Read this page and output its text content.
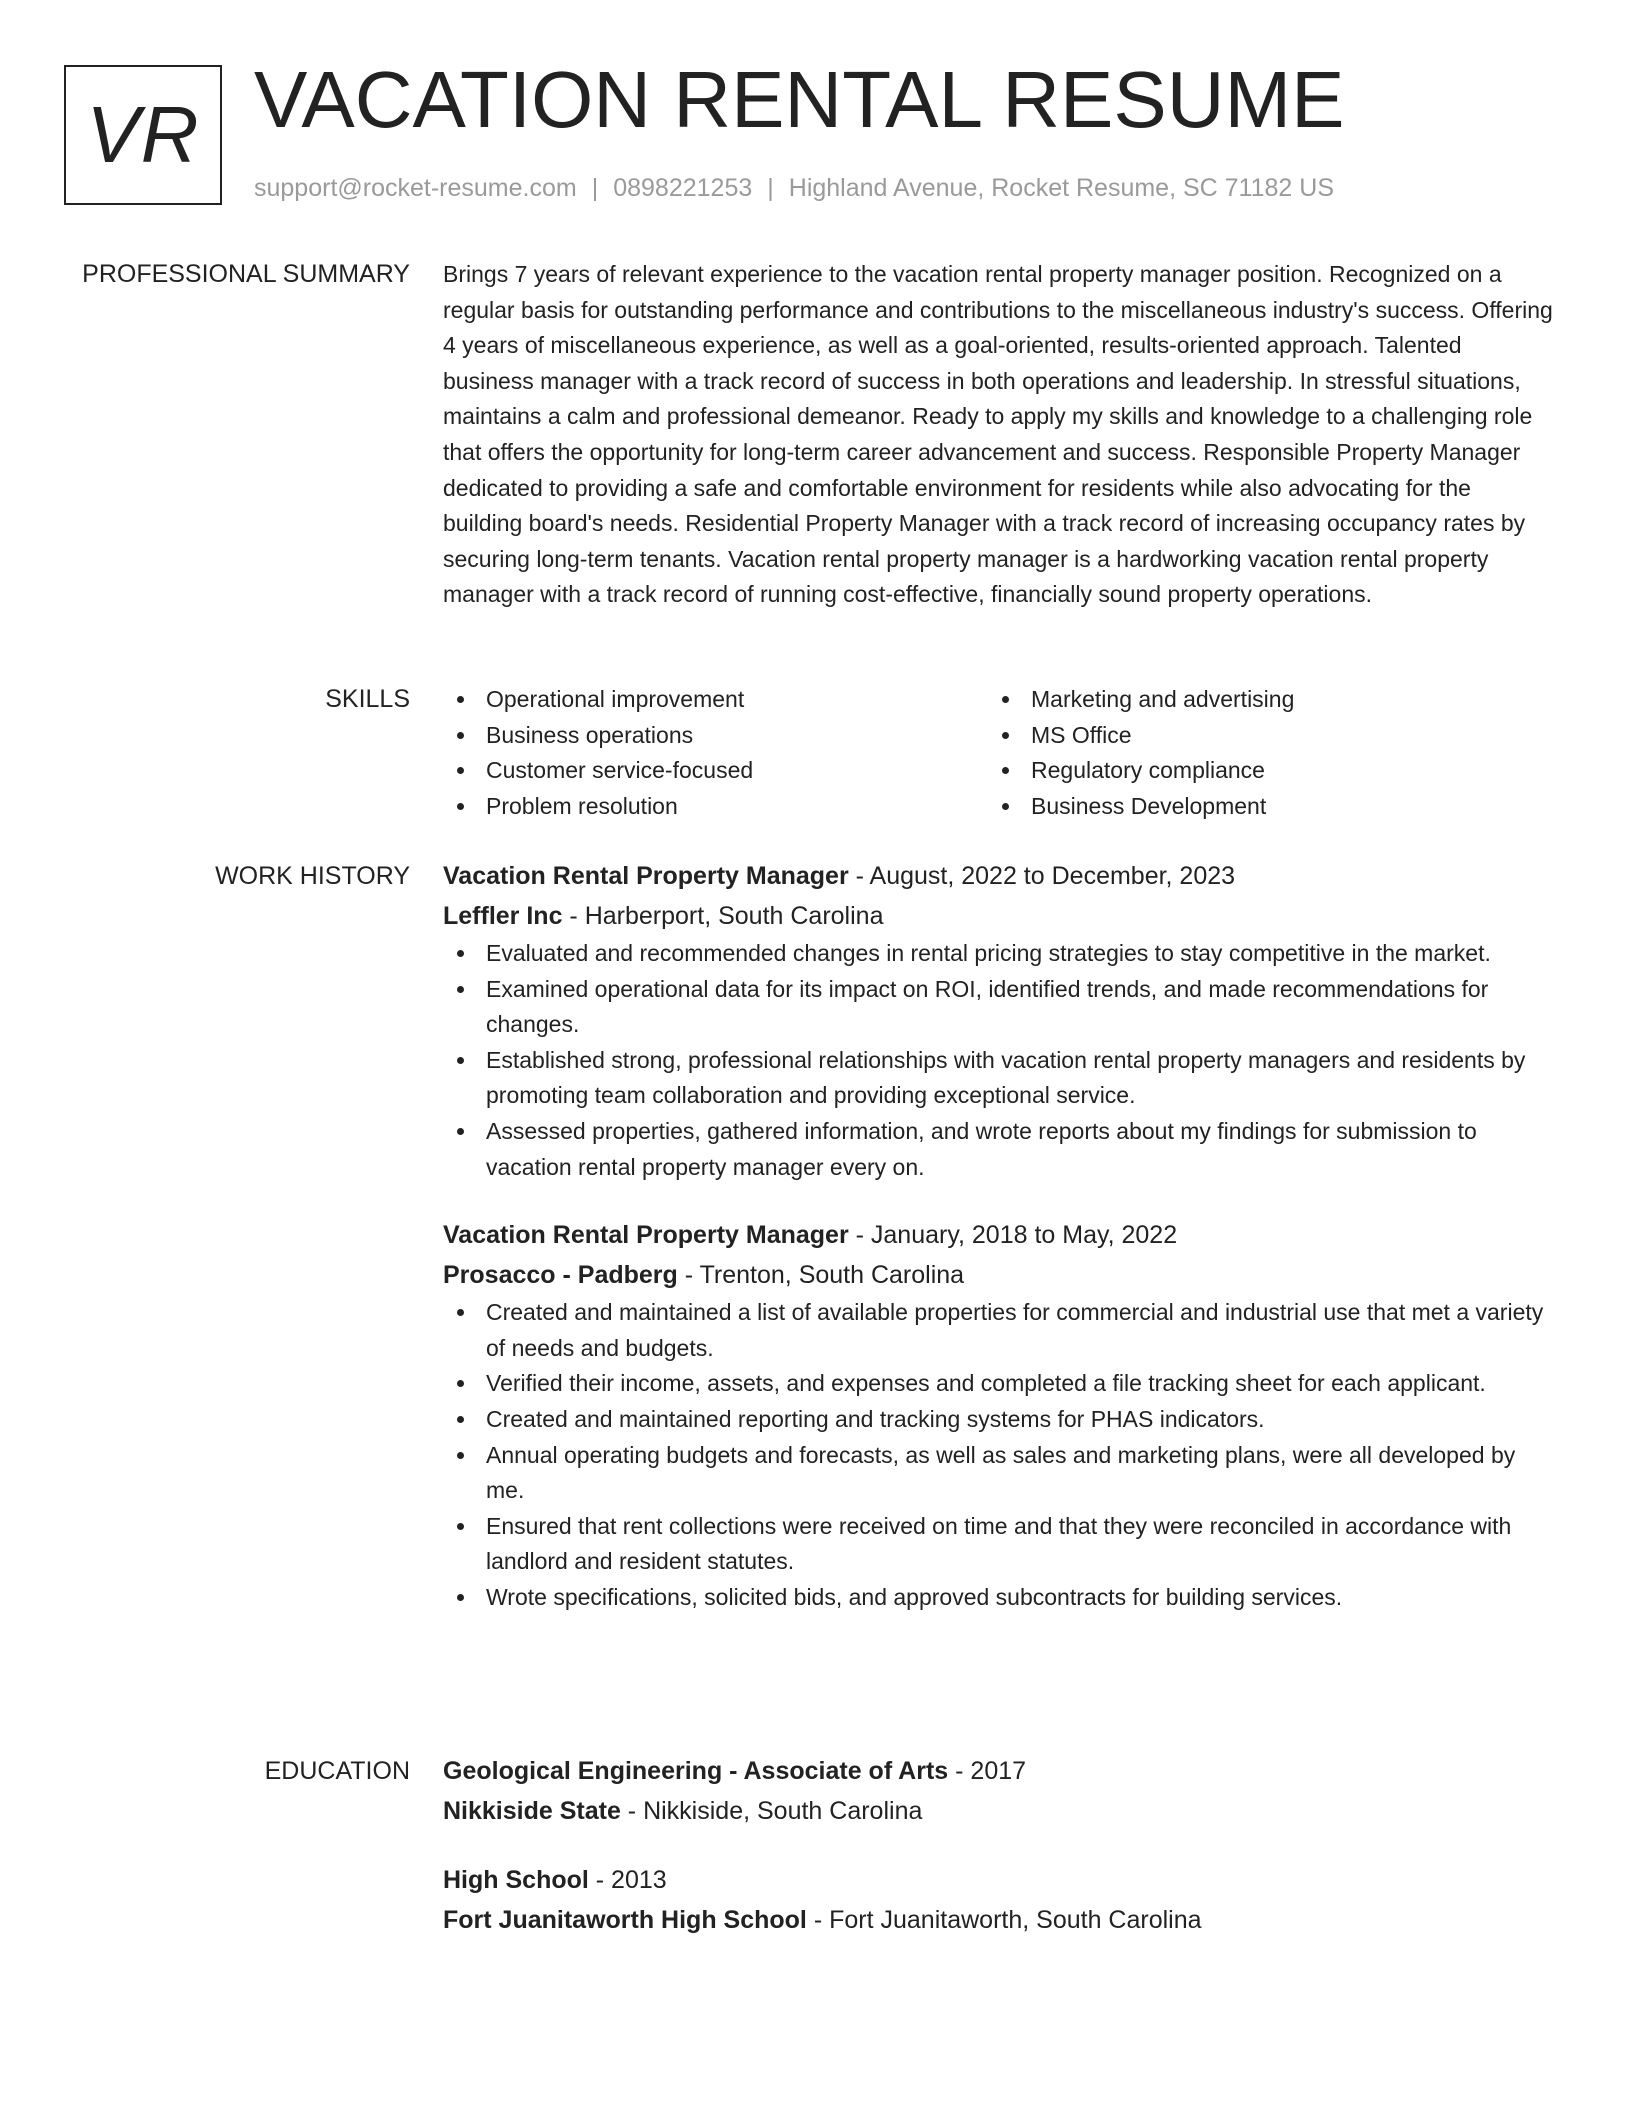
VR VACATION RENTAL RESUME
support@rocket-resume.com | 0898221253 | Highland Avenue, Rocket Resume, SC 71182 US
PROFESSIONAL SUMMARY Brings 7 years of relevant experience to the vacation rental property manager position. Recognized on a regular basis for outstanding performance and contributions to the miscellaneous industry's success. Offering 4 years of miscellaneous experience, as well as a goal-oriented, results-oriented approach. Talented business manager with a track record of success in both operations and leadership. In stressful situations, maintains a calm and professional demeanor. Ready to apply my skills and knowledge to a challenging role that offers the opportunity for long-term career advancement and success. Responsible Property Manager dedicated to providing a safe and comfortable environment for residents while also advocating for the building board's needs. Residential Property Manager with a track record of increasing occupancy rates by securing long-term tenants. Vacation rental property manager is a hardworking vacation rental property manager with a track record of running cost-effective, financially sound property operations.

SKILLS	Operational improvement
Business operations
Customer service-focused
Problem resolution
Marketing and advertising
MS Office
Regulatory compliance
Business Development
WORK HISTORY Vacation Rental Property Manager - August, 2022 to December, 2023
Leffler Inc - Harberport, South Carolina
Evaluated and recommended changes in rental pricing strategies to stay competitive in the market.
Examined operational data for its impact on ROI, identified trends, and made recommendations for changes.
Established strong, professional relationships with vacation rental property managers and residents by promoting team collaboration and providing exceptional service.
Assessed properties, gathered information, and wrote reports about my findings for submission to vacation rental property manager every on.
Vacation Rental Property Manager - January, 2018 to May, 2022
Prosacco - Padberg - Trenton, South Carolina
Created and maintained a list of available properties for commercial and industrial use that met a variety of needs and budgets.
Verified their income, assets, and expenses and completed a file tracking sheet for each applicant.
Created and maintained reporting and tracking systems for PHAS indicators.
Annual operating budgets and forecasts, as well as sales and marketing plans, were all developed by me.
Ensured that rent collections were received on time and that they were reconciled in accordance with landlord and resident statutes.
Wrote specifications, solicited bids, and approved subcontracts for building services.
EDUCATION Geological Engineering - Associate of Arts - 2017
Nikkiside State - Nikkiside, South Carolina
High School - 2013
Fort Juanitaworth High School - Fort Juanitaworth, South Carolina
